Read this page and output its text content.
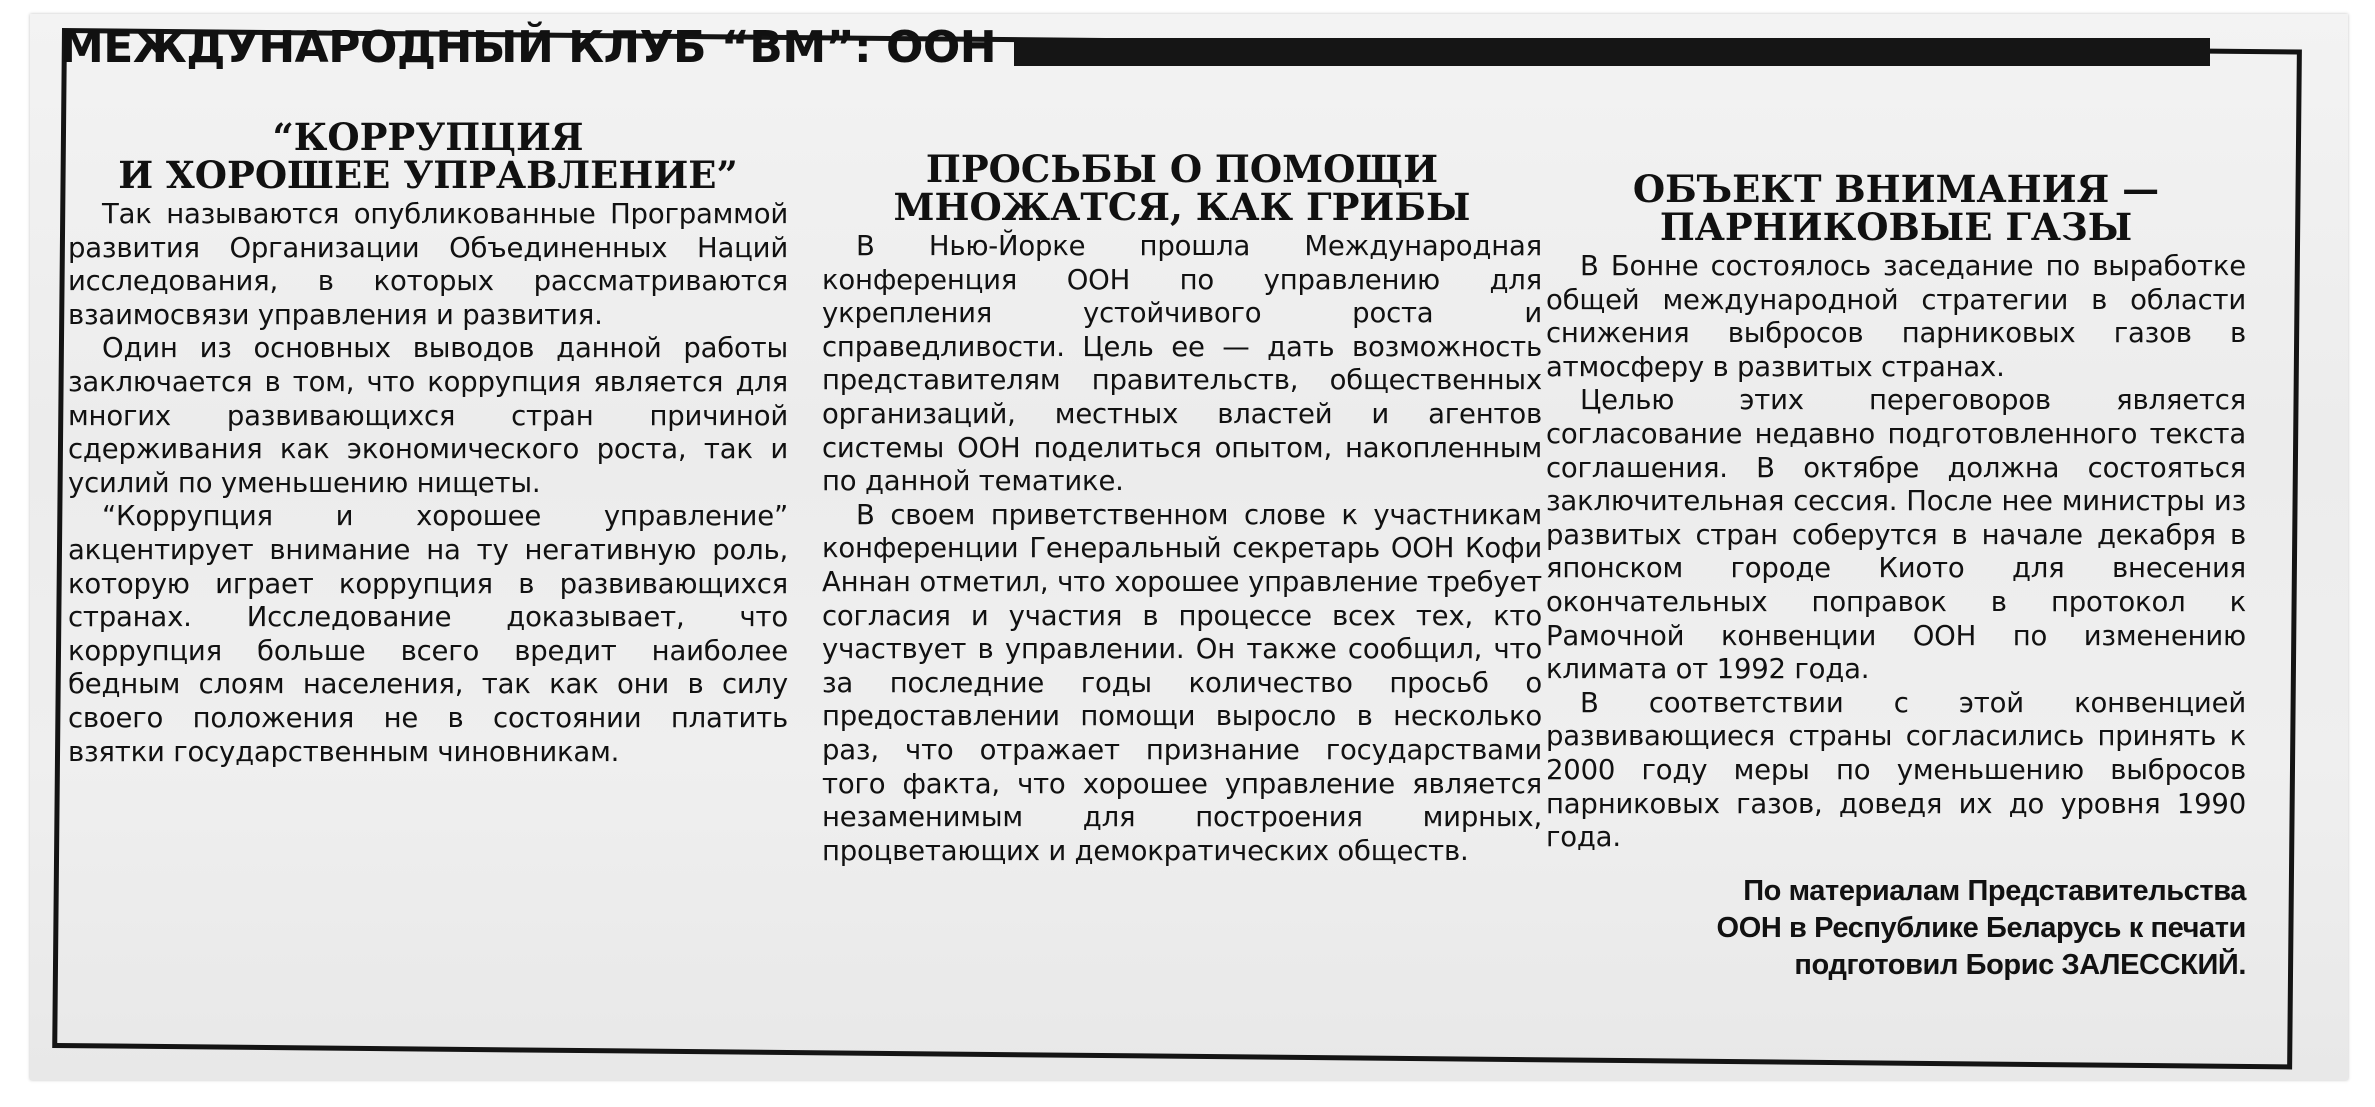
МЕЖДУНАРОДНЫЙ КЛУБ “ВМ”: ООН
“КОРРУПЦИЯ
И ХОРОШЕЕ УПРАВЛЕНИЕ”

Так называются опубликованные Программой развития Организации Объединенных Наций исследования, в которых рассматриваются взаимосвязи управления и развития.

Один из основных выводов данной работы заключается в том, что коррупция является для многих развивающихся стран причиной сдерживания как экономического роста, так и усилий по уменьшению нищеты.

“Коррупция и хорошее управление” акцентирует внимание на ту негативную роль, которую играет коррупция в развивающихся странах. Исследование доказывает, что коррупция больше всего вредит наиболее бедным слоям населения, так как они в силу своего положения не в состоянии платить взятки государственным чиновникам.

ПРОСЬБЫ О ПОМОЩИ
МНОЖАТСЯ, КАК ГРИБЫ

В Нью-Йорке прошла Международная конференция ООН по управлению для укрепления устойчивого роста и справедливости. Цель ее — дать возможность представителям правительств, общественных организаций, местных властей и агентов системы ООН поделиться опытом, накопленным по данной тематике.

В своем приветственном слове к участникам конференции Генеральный секретарь ООН Кофи Аннан отметил, что хорошее управление требует согласия и участия в процессе всех тех, кто участвует в управлении. Он также сообщил, что за последние годы количество просьб о предоставлении помощи выросло в несколько раз, что отражает признание государствами того факта, что хорошее управление является незаменимым для построения мирных, процветающих и демократических обществ.

ОБЪЕКТ ВНИМАНИЯ —
ПАРНИКОВЫЕ ГАЗЫ

В Бонне состоялось заседание по выработке общей международной стратегии в области снижения выбросов парниковых газов в атмосферу в развитых странах.

Целью этих переговоров является согласование недавно подготовленного текста соглашения. В октябре должна состояться заключительная сессия. После нее министры из развитых стран соберутся в начале декабря в японском городе Киото для внесения окончательных поправок в протокол к Рамочной конвенции ООН по изменению климата от 1992 года.

В соответствии с этой конвенцией развивающиеся страны согласились принять к 2000 году меры по уменьшению выбросов парниковых газов, доведя их до уровня 1990 года.

По материалам Представительства
ООН в Республике Беларусь к печати
подготовил Борис ЗАЛЕССКИЙ.
